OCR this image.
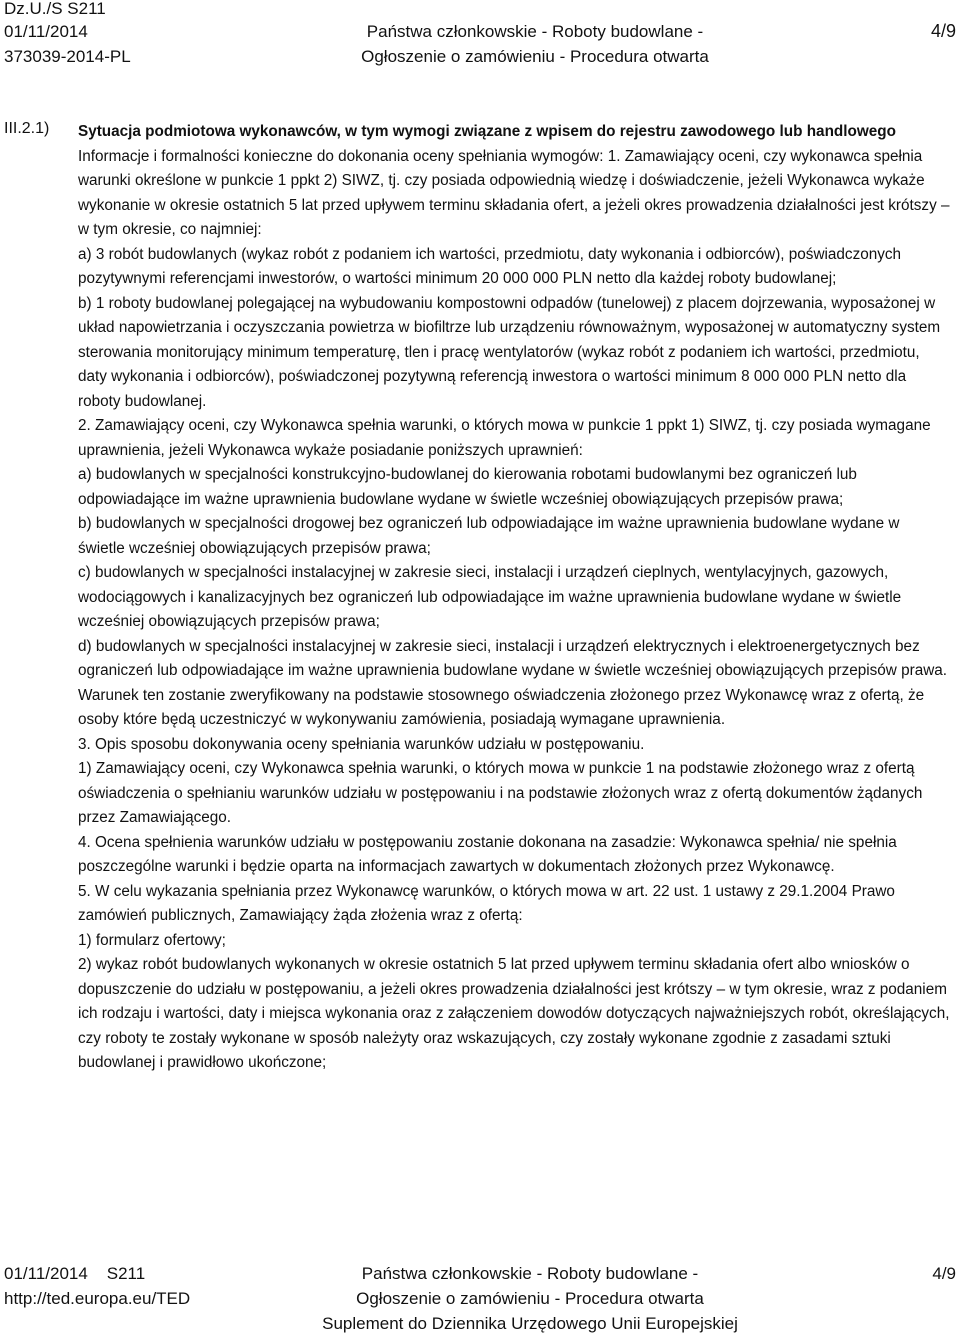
Dz.U./S S211
01/11/2014
373039-2014-PL
Państwa członkowskie - Roboty budowlane -
Ogłoszenie o zamówieniu - Procedura otwarta
4/9
III.2.1) Sytuacja podmiotowa wykonawców, w tym wymogi związane z wpisem do rejestru zawodowego lub handlowego

Informacje i formalności konieczne do dokonania oceny spełniania wymogów: 1. Zamawiający oceni, czy wykonawca spełnia warunki określone w punkcie 1 ppkt 2) SIWZ, tj. czy posiada odpowiednią wiedzę i doświadczenie, jeżeli Wykonawca wykaże wykonanie w okresie ostatnich 5 lat przed upływem terminu składania ofert, a jeżeli okres prowadzenia działalności jest krótszy – w tym okresie, co najmniej:

a) 3 robót budowlanych (wykaz robót z podaniem ich wartości, przedmiotu, daty wykonania i odbiorców), poświadczonych pozytywnymi referencjami inwestorów, o wartości minimum 20 000 000 PLN netto dla każdej roboty budowlanej;

b) 1 roboty budowlanej polegającej na wybudowaniu kompostowni odpadów (tunelowej) z placem dojrzewania, wyposażonej w układ napowietrzania i oczyszczania powietrza w biofiltrze lub urządzeniu równoważnym, wyposażonej w automatyczny system sterowania monitorujący minimum temperaturę, tlen i pracę wentylatorów (wykaz robót z podaniem ich wartości, przedmiotu, daty wykonania i odbiorców), poświadczonej pozytywną referencją inwestora o wartości minimum 8 000 000 PLN netto dla roboty budowlanej.

2. Zamawiający oceni, czy Wykonawca spełnia warunki, o których mowa w punkcie 1 ppkt 1) SIWZ, tj. czy posiada wymagane uprawnienia, jeżeli Wykonawca wykaże posiadanie poniższych uprawnień:

a) budowlanych w specjalności konstrukcyjno-budowlanej do kierowania robotami budowlanymi bez ograniczeń lub odpowiadające im ważne uprawnienia budowlane wydane w świetle wcześniej obowiązujących przepisów prawa;

b) budowlanych w specjalności drogowej bez ograniczeń lub odpowiadające im ważne uprawnienia budowlane wydane w świetle wcześniej obowiązujących przepisów prawa;

c) budowlanych w specjalności instalacyjnej w zakresie sieci, instalacji i urządzeń cieplnych, wentylacyjnych, gazowych, wodociągowych i kanalizacyjnych bez ograniczeń lub odpowiadające im ważne uprawnienia budowlane wydane w świetle wcześniej obowiązujących przepisów prawa;

d) budowlanych w specjalności instalacyjnej w zakresie sieci, instalacji i urządzeń elektrycznych i elektroenergetycznych bez ograniczeń lub odpowiadające im ważne uprawnienia budowlane wydane w świetle wcześniej obowiązujących przepisów prawa.

Warunek ten zostanie zweryfikowany na podstawie stosownego oświadczenia złożonego przez Wykonawcę wraz z ofertą, że osoby które będą uczestniczyć w wykonywaniu zamówienia, posiadają wymagane uprawnienia.

3. Opis sposobu dokonywania oceny spełniania warunków udziału w postępowaniu.

1) Zamawiający oceni, czy Wykonawca spełnia warunki, o których mowa w punkcie 1 na podstawie złożonego wraz z ofertą oświadczenia o spełnianiu warunków udziału w postępowaniu i na podstawie złożonych wraz z ofertą dokumentów żądanych przez Zamawiającego.

4. Ocena spełnienia warunków udziału w postępowaniu zostanie dokonana na zasadzie: Wykonawca spełnia/ nie spełnia poszczególne warunki i będzie oparta na informacjach zawartych w dokumentach złożonych przez Wykonawcę.

5. W celu wykazania spełniania przez Wykonawcę warunków, o których mowa w art. 22 ust. 1 ustawy z 29.1.2004 Prawo zamówień publicznych, Zamawiający żąda złożenia wraz z ofertą:

1) formularz ofertowy;

2) wykaz robót budowlanych wykonanych w okresie ostatnich 5 lat przed upływem terminu składania ofert albo wniosków o dopuszczenie do udziału w postępowaniu, a jeżeli okres prowadzenia działalności jest krótszy – w tym okresie, wraz z podaniem ich rodzaju i wartości, daty i miejsca wykonania oraz z załączeniem dowodów dotyczących najważniejszych robót, określających, czy roboty te zostały wykonane w sposób należyty oraz wskazujących, czy zostały wykonane zgodnie z zasadami sztuki budowlanej i prawidłowo ukończone;

01/11/2014 S211
http://ted.europa.eu/TED
Państwa członkowskie - Roboty budowlane -
Ogłoszenie o zamówieniu - Procedura otwarta
Suplement do Dziennika Urzędowego Unii Europejskiej
4/9
